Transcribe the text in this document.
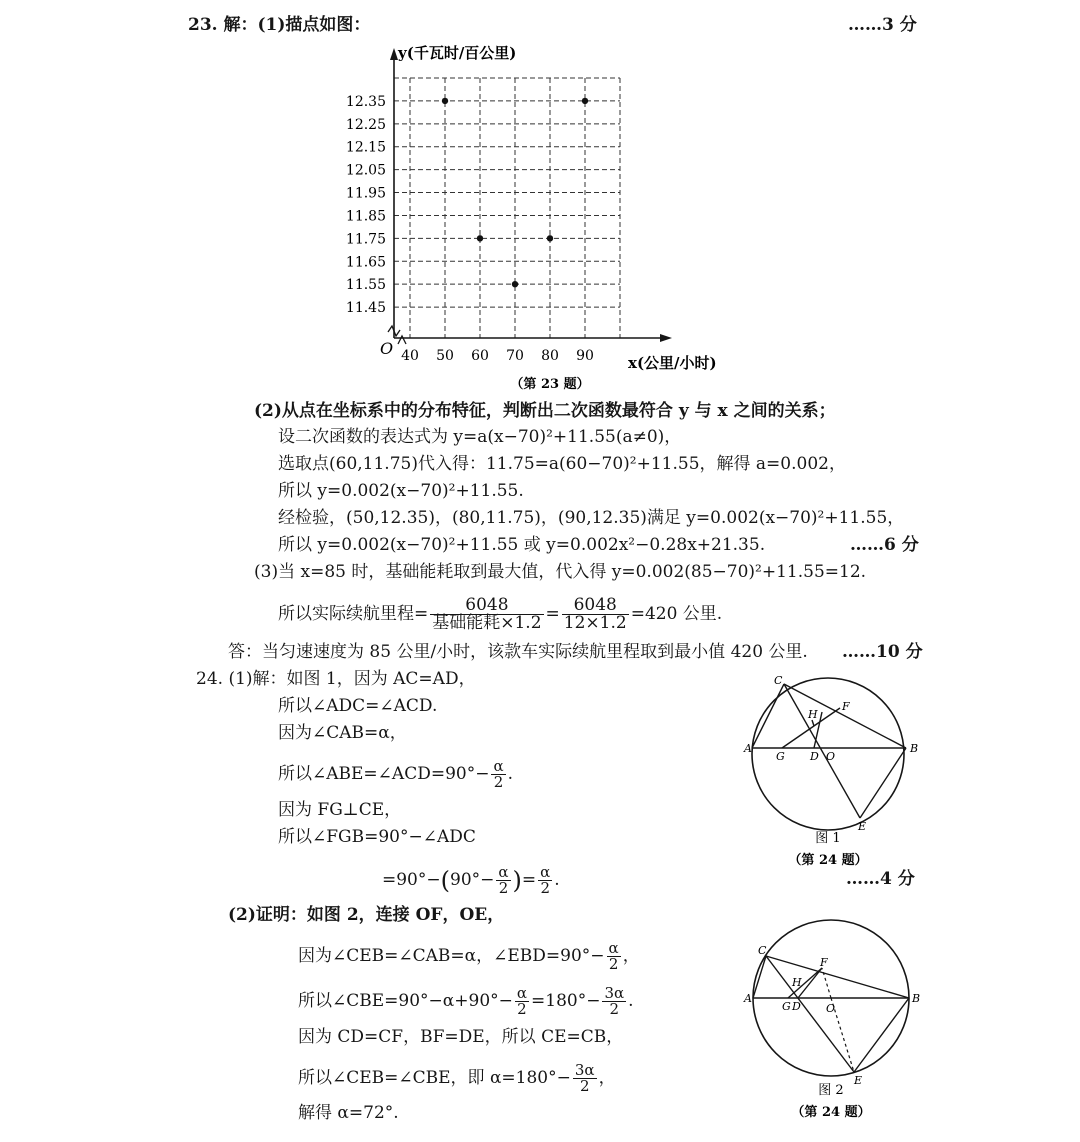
23. 解：(1)描点如图：	……3 分
12.35
12.25
12.15
12.05
11.95
11.85
11.75
11.65
11.55
11.45
40 50 60 70 80 90
y(千瓦时/百公里)
x(公里/小时)
O
（第 23 题）
(2)从点在坐标系中的分布特征，判断出二次函数最符合 y 与 x 之间的关系；
设二次函数的表达式为 y=a(x−70)²+11.55(a≠0)，
选取点(60,11.75)代入得：11.75=a(60−70)²+11.55，解得 a=0.002，
所以 y=0.002(x−70)²+11.55.
经检验，(50,12.35)，(80,11.75)，(90,12.35)满足 y=0.002(x−70)²+11.55，
所以 y=0.002(x−70)²+11.55 或 y=0.002x²−0.28x+21.35.	……6 分
(3)当 x=85 时，基础能耗取到最大值，代入得 y=0.002(85−70)²+11.55=12.
所以实际续航里程= $\frac{6048}{\text{基础能耗×1.2}} = \frac{6048}{12\times 1.2} =420$ 公里.
答：当匀速速度为 85 公里/小时，该款车实际续航里程取到最小值 420 公里. ……10 分
24. (1)解：如图 1，因为 AC=AD，
所以∠ADC=∠ACD.
因为∠CAB=α，
所以∠ABE=∠ACD=90°− $\frac{\alpha}{2}$ .
因为 FG⊥CE，
所以∠FGB=90°−∠ADC
$=90^\circ-(90^\circ- \frac{\alpha}{2}$ )= $\frac{\alpha}{2}$ .	……4 分
(2)证明：如图 2，连接 OF，OE，
因为∠CEB=∠CAB=α，∠EBD=90°− $\frac{\alpha}{2}$ ，
所以∠CBE=90°−α+90°− $\frac{\alpha}{2} =180^\circ- \frac{3\alpha}{2}$ .
因为 CD=CF，BF=DE，所以 CE=CB，
所以∠CEB=∠CBE，即 $\alpha=180^\circ- \frac{3\alpha}{2}$ ，
解得 α=72°.
C
A	B
F
H
G D O
E
图 1
（第 24 题）
C
A	B
F
H
G D O
E
图 2
（第 24 题）
